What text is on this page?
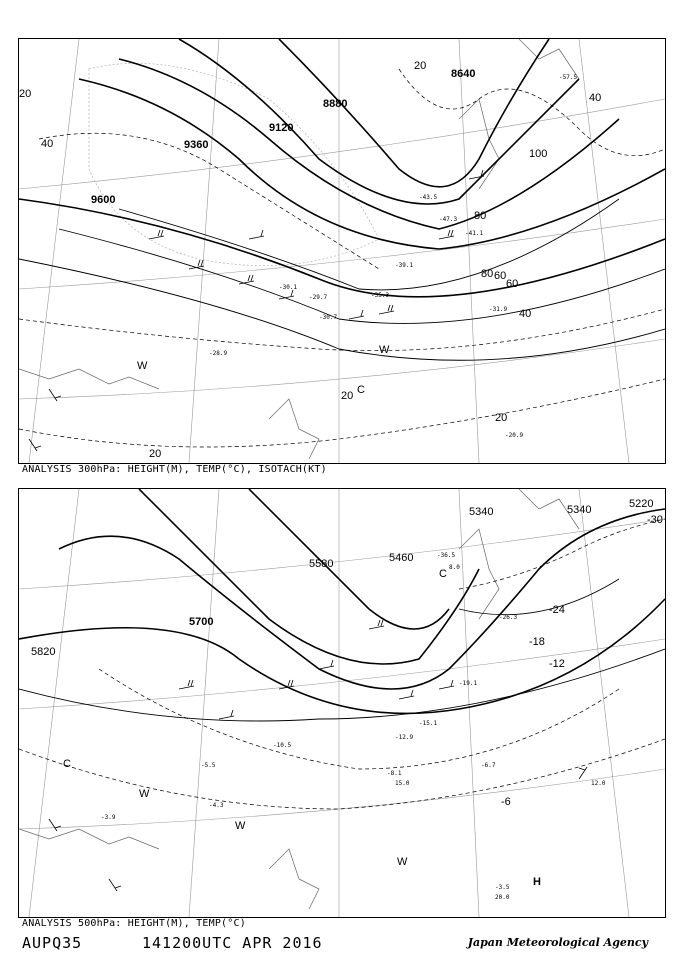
9600
9360
9120
8880
8640
20
40
60
80
100
80
60
40
20
40
20
20
20
-29.7
-30.1
-30.7
-31.9
-35.3
-39.1
-41.1
-43.5
-47.3
-57.5
-28.9
-20.9
W
W
C
ANALYSIS 300hPa: HEIGHT(M), TEMP(°C), ISOTACH(KT)
5820
5700
5580	5460
5340
5220
5340
-6
-12
-18
-24
-30
-3.9
-4.3
-5.5	-6.7
-8.1
-10.5
-12.9
-15.1
-19.1
-26.3
-36.5
-3.5
20.0
12.0
15.0
8.0
C
C
W
W
W
H
ANALYSIS 500hPa: HEIGHT(M), TEMP(°C)
AUPQ35	141200UTC APR 2016	Japan Meteorological Agency
